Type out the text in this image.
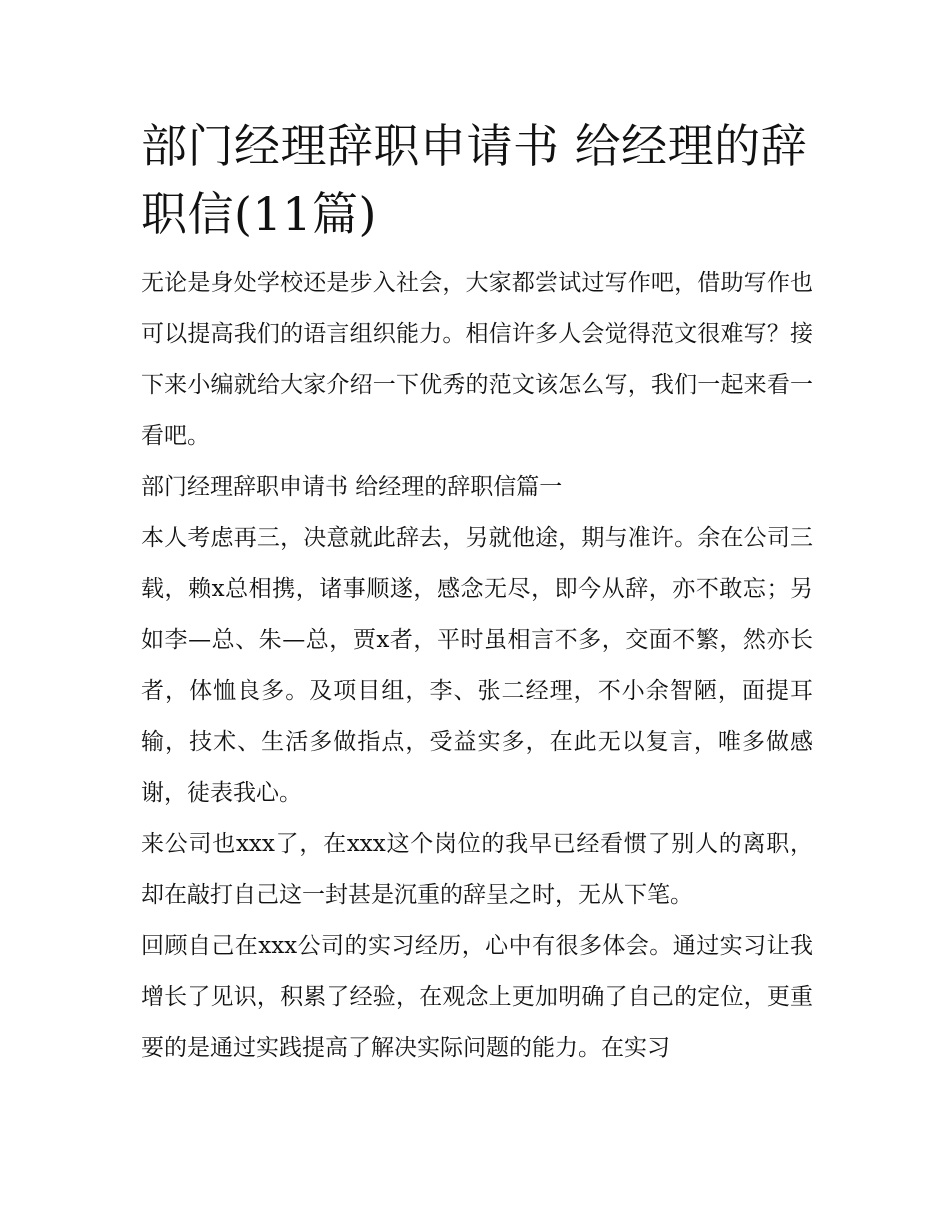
部门经理辞职申请书 给经理的辞职信(11篇)

无论是身处学校还是步入社会，大家都尝试过写作吧，借助写作也可以提高我们的语言组织能力。相信许多人会觉得范文很难写？接下来小编就给大家介绍一下优秀的范文该怎么写，我们一起来看一看吧。

部门经理辞职申请书 给经理的辞职信篇一

本人考虑再三，决意就此辞去，另就他途，期与准许。余在公司三载，赖x总相携，诸事顺遂，感念无尽，即今从辞，亦不敢忘；另如李—总、朱—总，贾x者，平时虽相言不多，交面不繁，然亦长者，体恤良多。及项目组，李、张二经理，不小余智陋，面提耳输，技术、生活多做指点，受益实多，在此无以复言，唯多做感谢，徒表我心。

来公司也xxx了，在xxx这个岗位的我早已经看惯了别人的离职，却在敲打自己这一封甚是沉重的辞呈之时，无从下笔。

回顾自己在xxx公司的实习经历，心中有很多体会。通过实习让我增长了见识，积累了经验，在观念上更加明确了自己的定位，更重要的是通过实践提高了解决实际问题的能力。在实习
